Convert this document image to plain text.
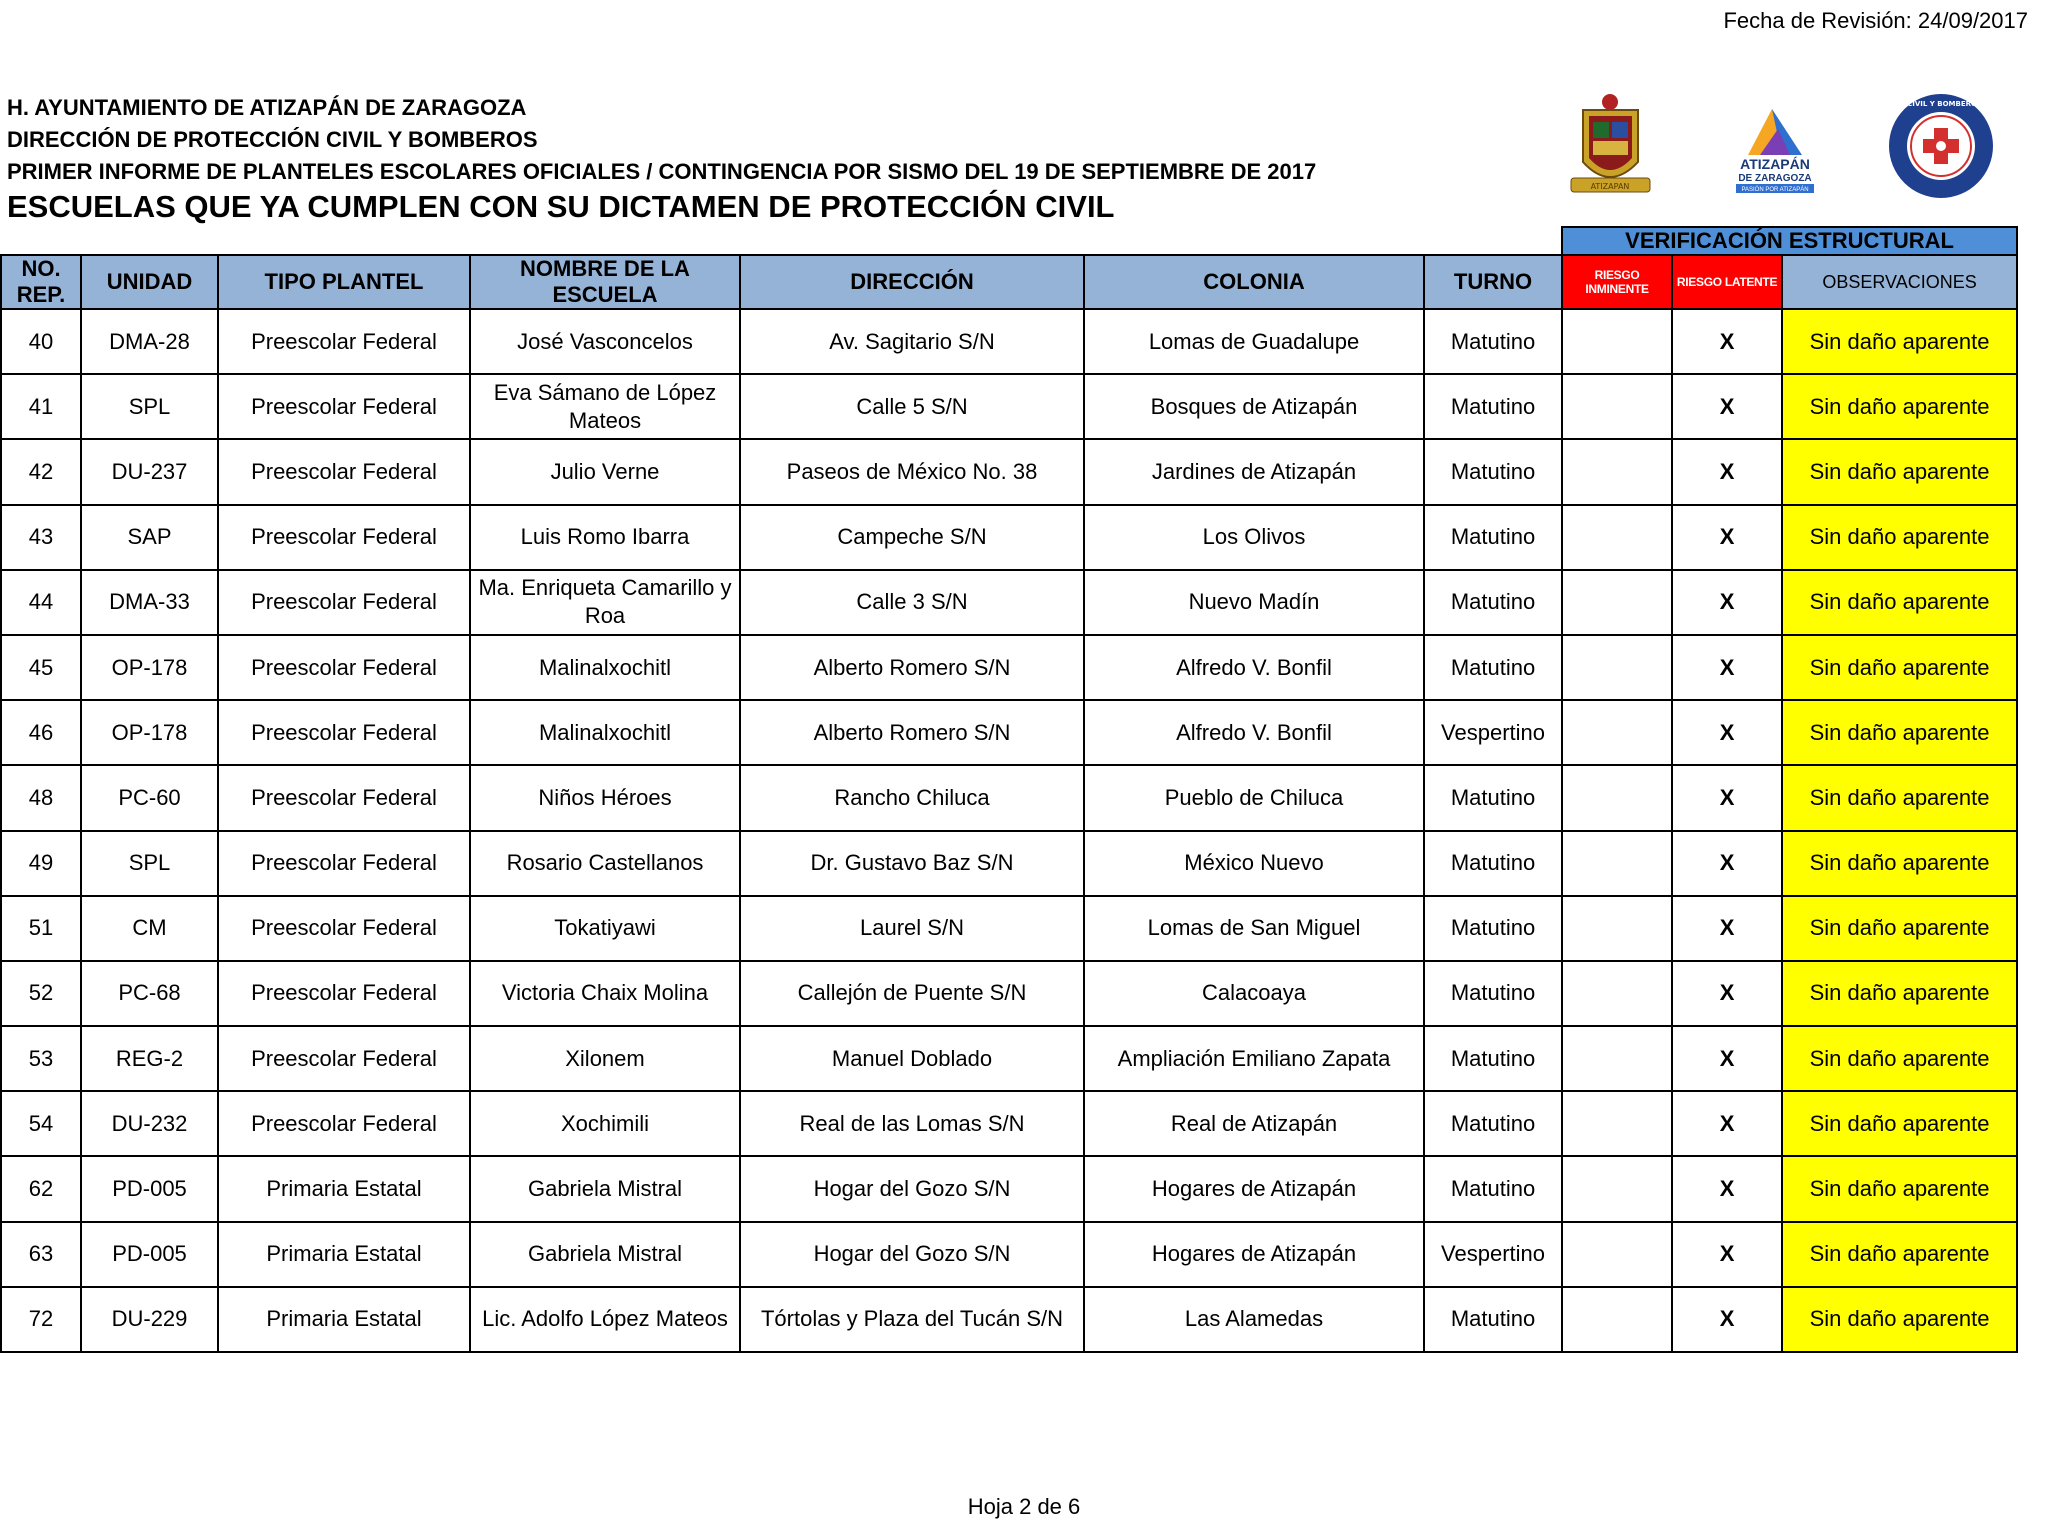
Fecha de Revisión: 24/09/2017
H. AYUNTAMIENTO DE ATIZAPÁN DE ZARAGOZA
DIRECCIÓN DE PROTECCIÓN CIVIL Y BOMBEROS
PRIMER INFORME DE PLANTELES ESCOLARES OFICIALES / CONTINGENCIA POR SISMO DEL 19 DE SEPTIEMBRE DE 2017
ESCUELAS QUE YA CUMPLEN CON SU DICTAMEN DE PROTECCIÓN CIVIL
ATIZAPAN
ATIZAPÁN
DE ZARAGOZA
PASIÓN POR ATIZAPÁN
PROTECCIÓN CIVIL Y BOMBEROS · ATIZAPÁN
							VERIFICACIÓN ESTRUCTURAL		
NO. REP.	UNIDAD	TIPO PLANTEL	NOMBRE DE LA ESCUELA	DIRECCIÓN	COLONIA	TURNO	RIESGO INMINENTE	RIESGO LATENTE	OBSERVACIONES
40	DMA-28	Preescolar Federal	José Vasconcelos	Av. Sagitario S/N	Lomas de Guadalupe	Matutino		X	Sin daño aparente
41	SPL	Preescolar Federal	Eva Sámano de López Mateos	Calle 5 S/N	Bosques de Atizapán	Matutino		X	Sin daño aparente
42	DU-237	Preescolar Federal	Julio Verne	Paseos de México No. 38	Jardines de Atizapán	Matutino		X	Sin daño aparente
43	SAP	Preescolar Federal	Luis Romo Ibarra	Campeche S/N	Los Olivos	Matutino		X	Sin daño aparente
44	DMA-33	Preescolar Federal	Ma. Enriqueta Camarillo y Roa	Calle 3 S/N	Nuevo Madín	Matutino		X	Sin daño aparente
45	OP-178	Preescolar Federal	Malinalxochitl	Alberto Romero S/N	Alfredo V. Bonfil	Matutino		X	Sin daño aparente
46	OP-178	Preescolar Federal	Malinalxochitl	Alberto Romero S/N	Alfredo V. Bonfil	Vespertino		X	Sin daño aparente
48	PC-60	Preescolar Federal	Niños Héroes	Rancho Chiluca	Pueblo de Chiluca	Matutino		X	Sin daño aparente
49	SPL	Preescolar Federal	Rosario Castellanos	Dr. Gustavo Baz S/N	México Nuevo	Matutino		X	Sin daño aparente
51	CM	Preescolar Federal	Tokatiyawi	Laurel S/N	Lomas de San Miguel	Matutino		X	Sin daño aparente
52	PC-68	Preescolar Federal	Victoria Chaix Molina	Callejón de Puente S/N	Calacoaya	Matutino		X	Sin daño aparente
53	REG-2	Preescolar Federal	Xilonem	Manuel Doblado	Ampliación Emiliano Zapata	Matutino		X	Sin daño aparente
54	DU-232	Preescolar Federal	Xochimili	Real de las Lomas S/N	Real de Atizapán	Matutino		X	Sin daño aparente
62	PD-005	Primaria Estatal	Gabriela Mistral	Hogar del Gozo S/N	Hogares de Atizapán	Matutino		X	Sin daño aparente
63	PD-005	Primaria Estatal	Gabriela Mistral	Hogar del Gozo S/N	Hogares de Atizapán	Vespertino		X	Sin daño aparente
72	DU-229	Primaria Estatal	Lic. Adolfo López Mateos	Tórtolas y Plaza del Tucán S/N	Las Alamedas	Matutino		X	Sin daño aparente
Hoja 2 de 6
